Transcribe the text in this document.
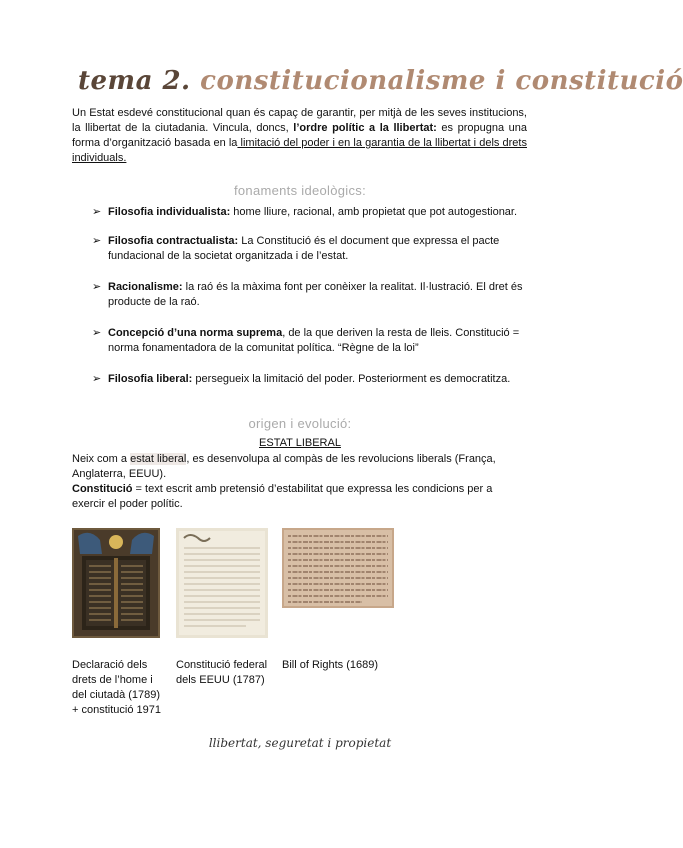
tema 2. constitucionalisme i constitució
Un Estat esdevé constitucional quan és capaç de garantir, per mitjà de les seves institucions, la llibertat de la ciutadania. Vincula, doncs, l’ordre polític a la llibertat: es propugna una forma d’organització basada en la limitació del poder i en la garantia de la llibertat i dels drets individuals.
fonaments ideològics:
➢ Filosofia individualista: home lliure, racional, amb propietat que pot autogestionar.
➢ Filosofia contractualista: La Constitució és el document que expressa el pacte fundacional de la societat organitzada i de l’estat.
➢ Racionalisme: la raó és la màxima font per conèixer la realitat. Il·lustració. El dret és producte de la raó.
➢ Concepció d’una norma suprema, de la que deriven la resta de lleis. Constitució = norma fonamentadora de la comunitat política. “Règne de la loi”
➢ Filosofia liberal: persegueix la limitació del poder. Posteriorment es democratitza.
origen i evolució:
ESTAT LIBERAL
Neix com a estat liberal, es desenvolupa al compàs de les revolucions liberals (França, Anglaterra, EEUU).
Constitució = text escrit amb pretensió d’estabilitat que expressa les condicions per a exercir el poder polític.
Declaració dels drets de l’home i del ciutadà (1789) + constitució 1971
Constitució federal dels EEUU (1787)
Bill of Rights (1689)
llibertat, seguretat i propietat
